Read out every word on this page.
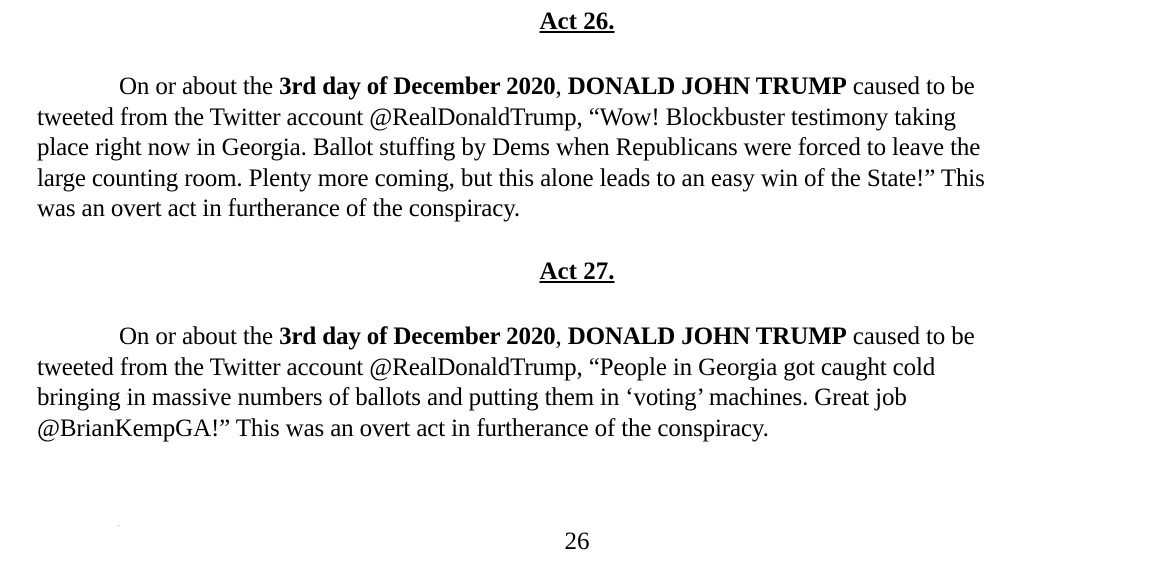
Act 26.
On or about the 3rd day of December 2020, DONALD JOHN TRUMP caused to be
tweeted from the Twitter account @RealDonaldTrump, “Wow! Blockbuster testimony taking
place right now in Georgia. Ballot stuffing by Dems when Republicans were forced to leave the
large counting room. Plenty more coming, but this alone leads to an easy win of the State!” This
was an overt act in furtherance of the conspiracy.
Act 27.
On or about the 3rd day of December 2020, DONALD JOHN TRUMP caused to be
tweeted from the Twitter account @RealDonaldTrump, “People in Georgia got caught cold
bringing in massive numbers of ballots and putting them in ‘voting’ machines. Great job
@BrianKempGA!” This was an overt act in furtherance of the conspiracy.
26
